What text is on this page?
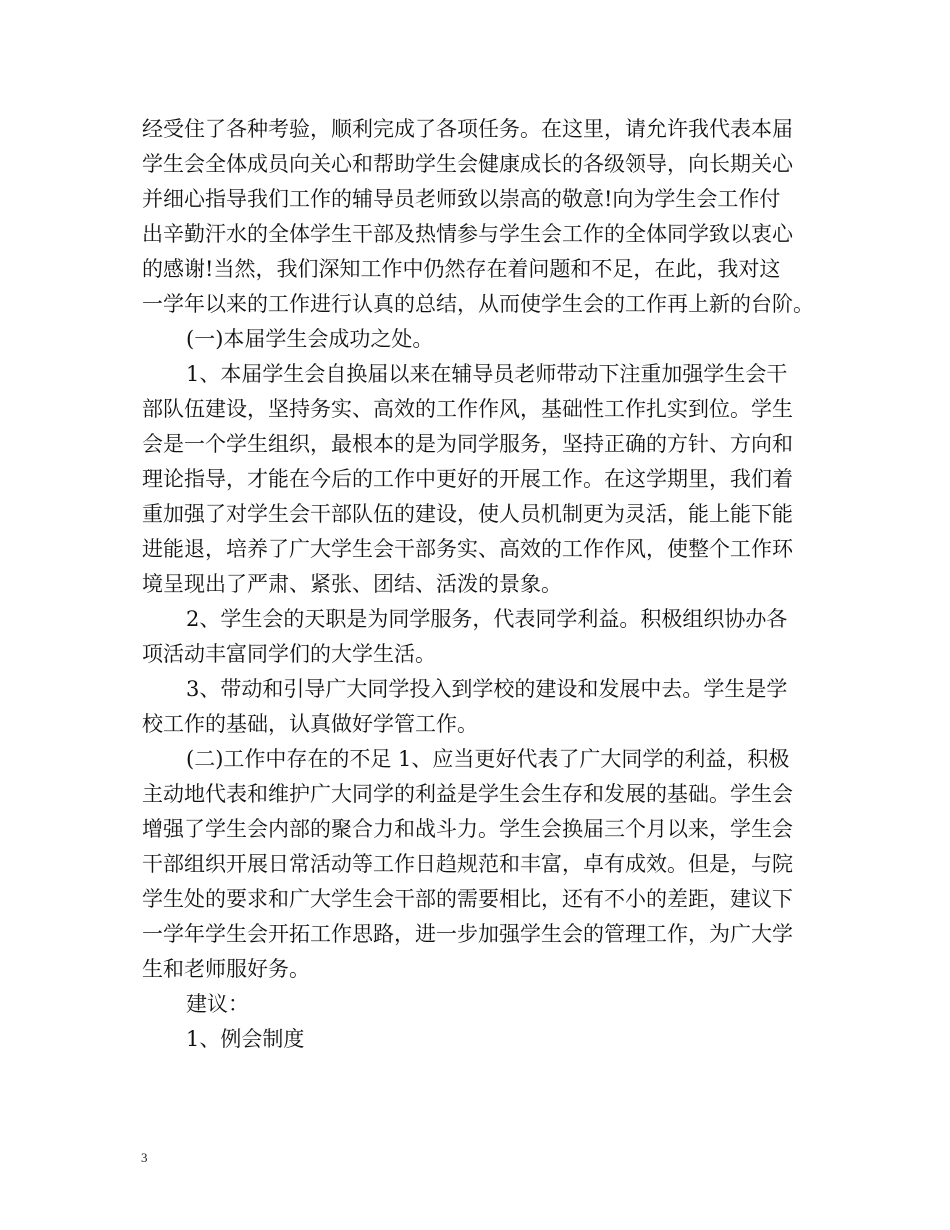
经受住了各种考验，顺利完成了各项任务。在这里，请允许我代表本届
学生会全体成员向关心和帮助学生会健康成长的各级领导，向长期关心
并细心指导我们工作的辅导员老师致以崇高的敬意!向为学生会工作付
出辛勤汗水的全体学生干部及热情参与学生会工作的全体同学致以衷心
的感谢!当然，我们深知工作中仍然存在着问题和不足，在此，我对这
一学年以来的工作进行认真的总结，从而使学生会的工作再上新的台阶。
(一)本届学生会成功之处。
1、本届学生会自换届以来在辅导员老师带动下注重加强学生会干
部队伍建设，坚持务实、高效的工作作风，基础性工作扎实到位。学生
会是一个学生组织，最根本的是为同学服务，坚持正确的方针、方向和
理论指导，才能在今后的工作中更好的开展工作。在这学期里，我们着
重加强了对学生会干部队伍的建设，使人员机制更为灵活，能上能下能
进能退，培养了广大学生会干部务实、高效的工作作风，使整个工作环
境呈现出了严肃、紧张、团结、活泼的景象。
2、学生会的天职是为同学服务，代表同学利益。积极组织协办各
项活动丰富同学们的大学生活。
3、带动和引导广大同学投入到学校的建设和发展中去。学生是学
校工作的基础，认真做好学管工作。
(二)工作中存在的不足 1、应当更好代表了广大同学的利益，积极
主动地代表和维护广大同学的利益是学生会生存和发展的基础。学生会
增强了学生会内部的聚合力和战斗力。学生会换届三个月以来，学生会
干部组织开展日常活动等工作日趋规范和丰富，卓有成效。但是，与院
学生处的要求和广大学生会干部的需要相比，还有不小的差距，建议下
一学年学生会开拓工作思路，进一步加强学生会的管理工作，为广大学
生和老师服好务。
建议：
1、例会制度
3
